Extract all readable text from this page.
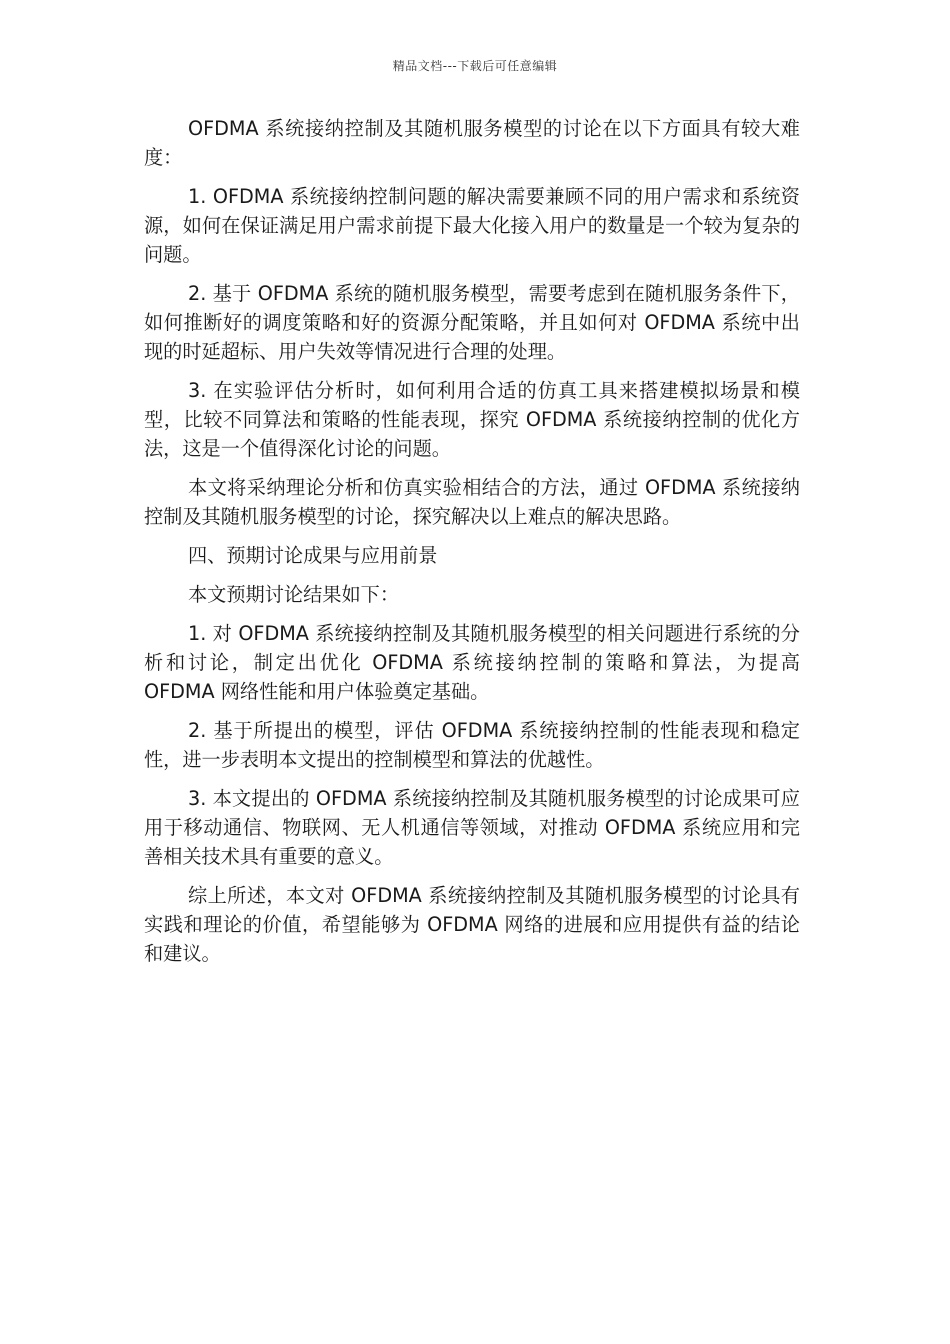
精品文档---下载后可任意编辑

OFDMA 系统接纳控制及其随机服务模型的讨论在以下方面具有较大难度：

1. OFDMA 系统接纳控制问题的解决需要兼顾不同的用户需求和系统资源，如何在保证满足用户需求前提下最大化接入用户的数量是一个较为复杂的问题。

2. 基于 OFDMA 系统的随机服务模型，需要考虑到在随机服务条件下，如何推断好的调度策略和好的资源分配策略，并且如何对 OFDMA 系统中出现的时延超标、用户失效等情况进行合理的处理。

3. 在实验评估分析时，如何利用合适的仿真工具来搭建模拟场景和模型，比较不同算法和策略的性能表现，探究 OFDMA 系统接纳控制的优化方法，这是一个值得深化讨论的问题。

本文将采纳理论分析和仿真实验相结合的方法，通过 OFDMA 系统接纳控制及其随机服务模型的讨论，探究解决以上难点的解决思路。

四、预期讨论成果与应用前景

本文预期讨论结果如下：

1. 对 OFDMA 系统接纳控制及其随机服务模型的相关问题进行系统的分析和讨论，制定出优化 OFDMA 系统接纳控制的策略和算法，为提高 OFDMA 网络性能和用户体验奠定基础。

2. 基于所提出的模型，评估 OFDMA 系统接纳控制的性能表现和稳定性，进一步表明本文提出的控制模型和算法的优越性。

3. 本文提出的 OFDMA 系统接纳控制及其随机服务模型的讨论成果可应用于移动通信、物联网、无人机通信等领域，对推动 OFDMA 系统应用和完善相关技术具有重要的意义。

综上所述，本文对 OFDMA 系统接纳控制及其随机服务模型的讨论具有实践和理论的价值，希望能够为 OFDMA 网络的进展和应用提供有益的结论和建议。
